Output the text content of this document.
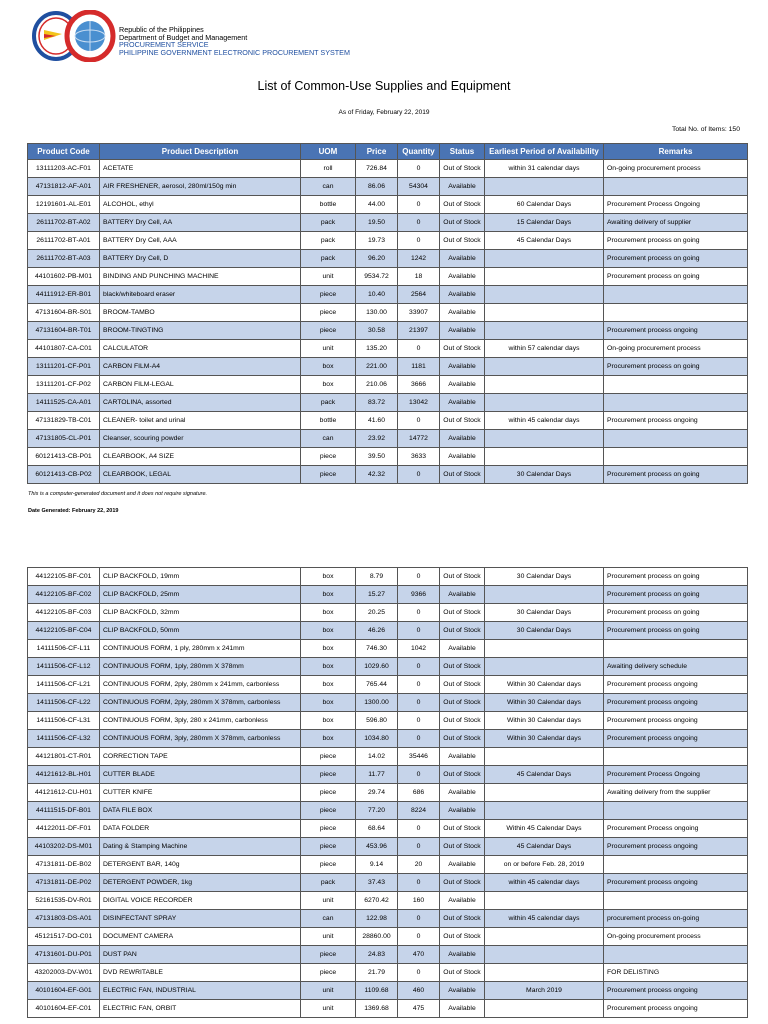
Republic of the Philippines
Department of Budget and Management
PROCUREMENT SERVICE
PHILIPPINE GOVERNMENT ELECTRONIC PROCUREMENT SYSTEM
List of Common-Use Supplies and Equipment
As of Friday, February 22, 2019
Total No. of Items: 150
Product Code	Product Description	UOM	Price	Quantity	Status	Earliest Period of Availability	Remarks
13111203-AC-F01	ACETATE	roll	726.84	0	Out of Stock	within 31 calendar days	On-going procurement process
47131812-AF-A01	AIR FRESHENER, aerosol, 280ml/150g min	can	86.06	54304	Available		
12191601-AL-E01	ALCOHOL, ethyl	bottle	44.00	0	Out of Stock	60 Calendar Days	Procurement Process Ongoing
26111702-BT-A02	BATTERY Dry Cell, AA	pack	19.50	0	Out of Stock	15 Calendar Days	Awaiting delivery of supplier
26111702-BT-A01	BATTERY Dry Cell, AAA	pack	19.73	0	Out of Stock	45 Calendar Days	Procurement process on going
26111702-BT-A03	BATTERY Dry Cell, D	pack	96.20	1242	Available		Procurement process on going
44101602-PB-M01	BINDING AND PUNCHING MACHINE	unit	9534.72	18	Available		Procurement process on going
44111912-ER-B01	black/whiteboard eraser	piece	10.40	2564	Available		
47131604-BR-S01	BROOM-TAMBO	piece	130.00	33907	Available		
47131604-BR-T01	BROOM-TINGTING	piece	30.58	21397	Available		Procurement process ongoing
44101807-CA-C01	CALCULATOR	unit	135.20	0	Out of Stock	within 57 calendar days	On-going procurement process
13111201-CF-P01	CARBON FILM-A4	box	221.00	1181	Available		Procurement process on going
13111201-CF-P02	CARBON FILM-LEGAL	box	210.06	3666	Available		
14111525-CA-A01	CARTOLINA, assorted	pack	83.72	13042	Available		
47131829-TB-C01	CLEANER- toilet and urinal	bottle	41.60	0	Out of Stock	within 45 calendar days	Procurement process ongoing
47131805-CL-P01	Cleanser, scouring powder	can	23.92	14772	Available		
60121413-CB-P01	CLEARBOOK, A4 SIZE	piece	39.50	3633	Available		
60121413-CB-P02	CLEARBOOK, LEGAL	piece	42.32	0	Out of Stock	30 Calendar Days	Procurement process on going
This is a computer-generated document and it does not require signature.
Date Generated: February 22, 2019
44122105-BF-C01	CLIP BACKFOLD, 19mm	box	8.79	0	Out of Stock	30 Calendar Days	Procurement process on going
44122105-BF-C02	CLIP BACKFOLD, 25mm	box	15.27	9366	Available		Procurement process on going
44122105-BF-C03	CLIP BACKFOLD, 32mm	box	20.25	0	Out of Stock	30 Calendar Days	Procurement process on going
44122105-BF-C04	CLIP BACKFOLD, 50mm	box	46.26	0	Out of Stock	30 Calendar Days	Procurement process on going
14111506-CF-L11	CONTINUOUS FORM, 1 ply, 280mm x 241mm	box	746.30	1042	Available		
14111506-CF-L12	CONTINUOUS FORM, 1ply, 280mm X 378mm	box	1029.60	0	Out of Stock		Awaiting delivery schedule
14111506-CF-L21	CONTINUOUS FORM, 2ply, 280mm x 241mm, carbonless	box	765.44	0	Out of Stock	Within 30 Calendar days	Procurement process ongoing
14111506-CF-L22	CONTINUOUS FORM, 2ply, 280mm X 378mm, carbonless	box	1300.00	0	Out of Stock	Within 30 Calendar days	Procurement process ongoing
14111506-CF-L31	CONTINUOUS FORM, 3ply, 280 x 241mm, carbonless	box	596.80	0	Out of Stock	Within 30 Calendar days	Procurement process ongoing
14111506-CF-L32	CONTINUOUS FORM, 3ply, 280mm X 378mm, carbonless	box	1034.80	0	Out of Stock	Within 30 Calendar days	Procurement process ongoing
44121801-CT-R01	CORRECTION TAPE	piece	14.02	35446	Available		
44121612-BL-H01	CUTTER BLADE	piece	11.77	0	Out of Stock	45 Calendar Days	Procurement Process Ongoing
44121612-CU-H01	CUTTER KNIFE	piece	29.74	686	Available		Awaiting delivery from the supplier
44111515-DF-B01	DATA FILE BOX	piece	77.20	8224	Available		
44122011-DF-F01	DATA FOLDER	piece	68.64	0	Out of Stock	Within 45 Calendar Days	Procurement Process ongoing
44103202-DS-M01	Dating & Stamping Machine	piece	453.96	0	Out of Stock	45 Calendar Days	Procurement process ongoing
47131811-DE-B02	DETERGENT BAR, 140g	piece	9.14	20	Available	on or before Feb. 28, 2019	
47131811-DE-P02	DETERGENT POWDER, 1kg	pack	37.43	0	Out of Stock	within 45 calendar days	Procurement process ongoing
52161535-DV-R01	DIGITAL VOICE RECORDER	unit	6270.42	160	Available		
47131803-DS-A01	DISINFECTANT SPRAY	can	122.98	0	Out of Stock	within 45 calendar days	procurement process on-going
45121517-DO-C01	DOCUMENT CAMERA	unit	28860.00	0	Out of Stock		On-going procurement process
47131601-DU-P01	DUST PAN	piece	24.83	470	Available		
43202003-DV-W01	DVD REWRITABLE	piece	21.79	0	Out of Stock		FOR DELISTING
40101604-EF-G01	ELECTRIC FAN, INDUSTRIAL	unit	1109.68	460	Available	March 2019	Procurement process ongoing
40101604-EF-C01	ELECTRIC FAN, ORBIT	unit	1369.68	475	Available		Procurement process ongoing
